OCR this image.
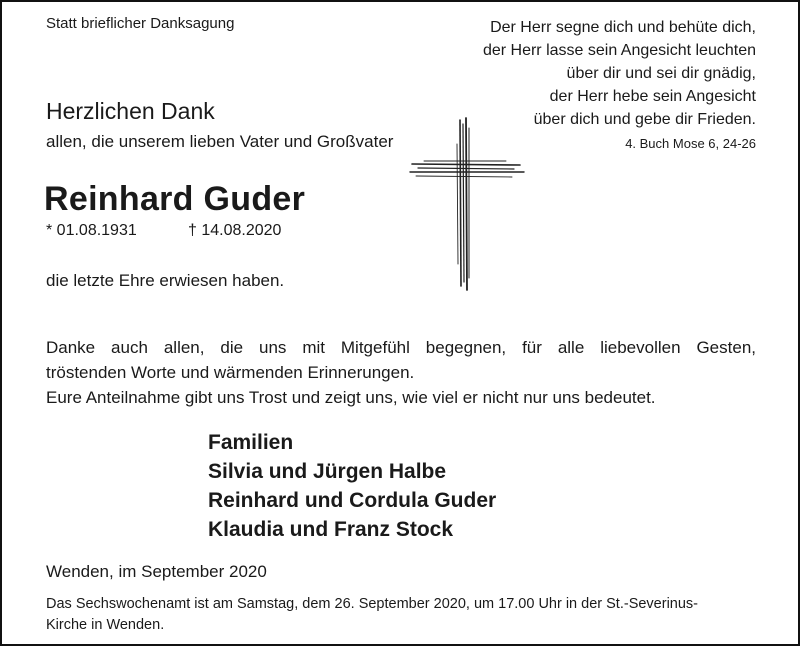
Statt brieflicher Danksagung	Der Herr segne dich und behüte dich,
der Herr lasse sein Angesicht leuchten
über dir und sei dir gnädig,
der Herr hebe sein Angesicht
über dich und gebe dir Frieden.
4. Buch Mose 6, 24-26
Herzlichen Dank
allen, die unserem lieben Vater und Großvater
Reinhard Guder
* 01.08.1931	† 14.08.2020
die letzte Ehre erwiesen haben.
Danke auch allen, die uns mit Mitgefühl begegnen, für alle liebevollen Gesten,
tröstenden Worte und wärmenden Erinnerungen.
Eure Anteilnahme gibt uns Trost und zeigt uns, wie viel er nicht nur uns bedeutet.
Familien
Silvia und Jürgen Halbe
Reinhard und Cordula Guder
Klaudia und Franz Stock
Wenden, im September 2020
Das Sechswochenamt ist am Samstag, dem 26. September 2020, um 17.00 Uhr in der St.-Severinus-
Kirche in Wenden.
